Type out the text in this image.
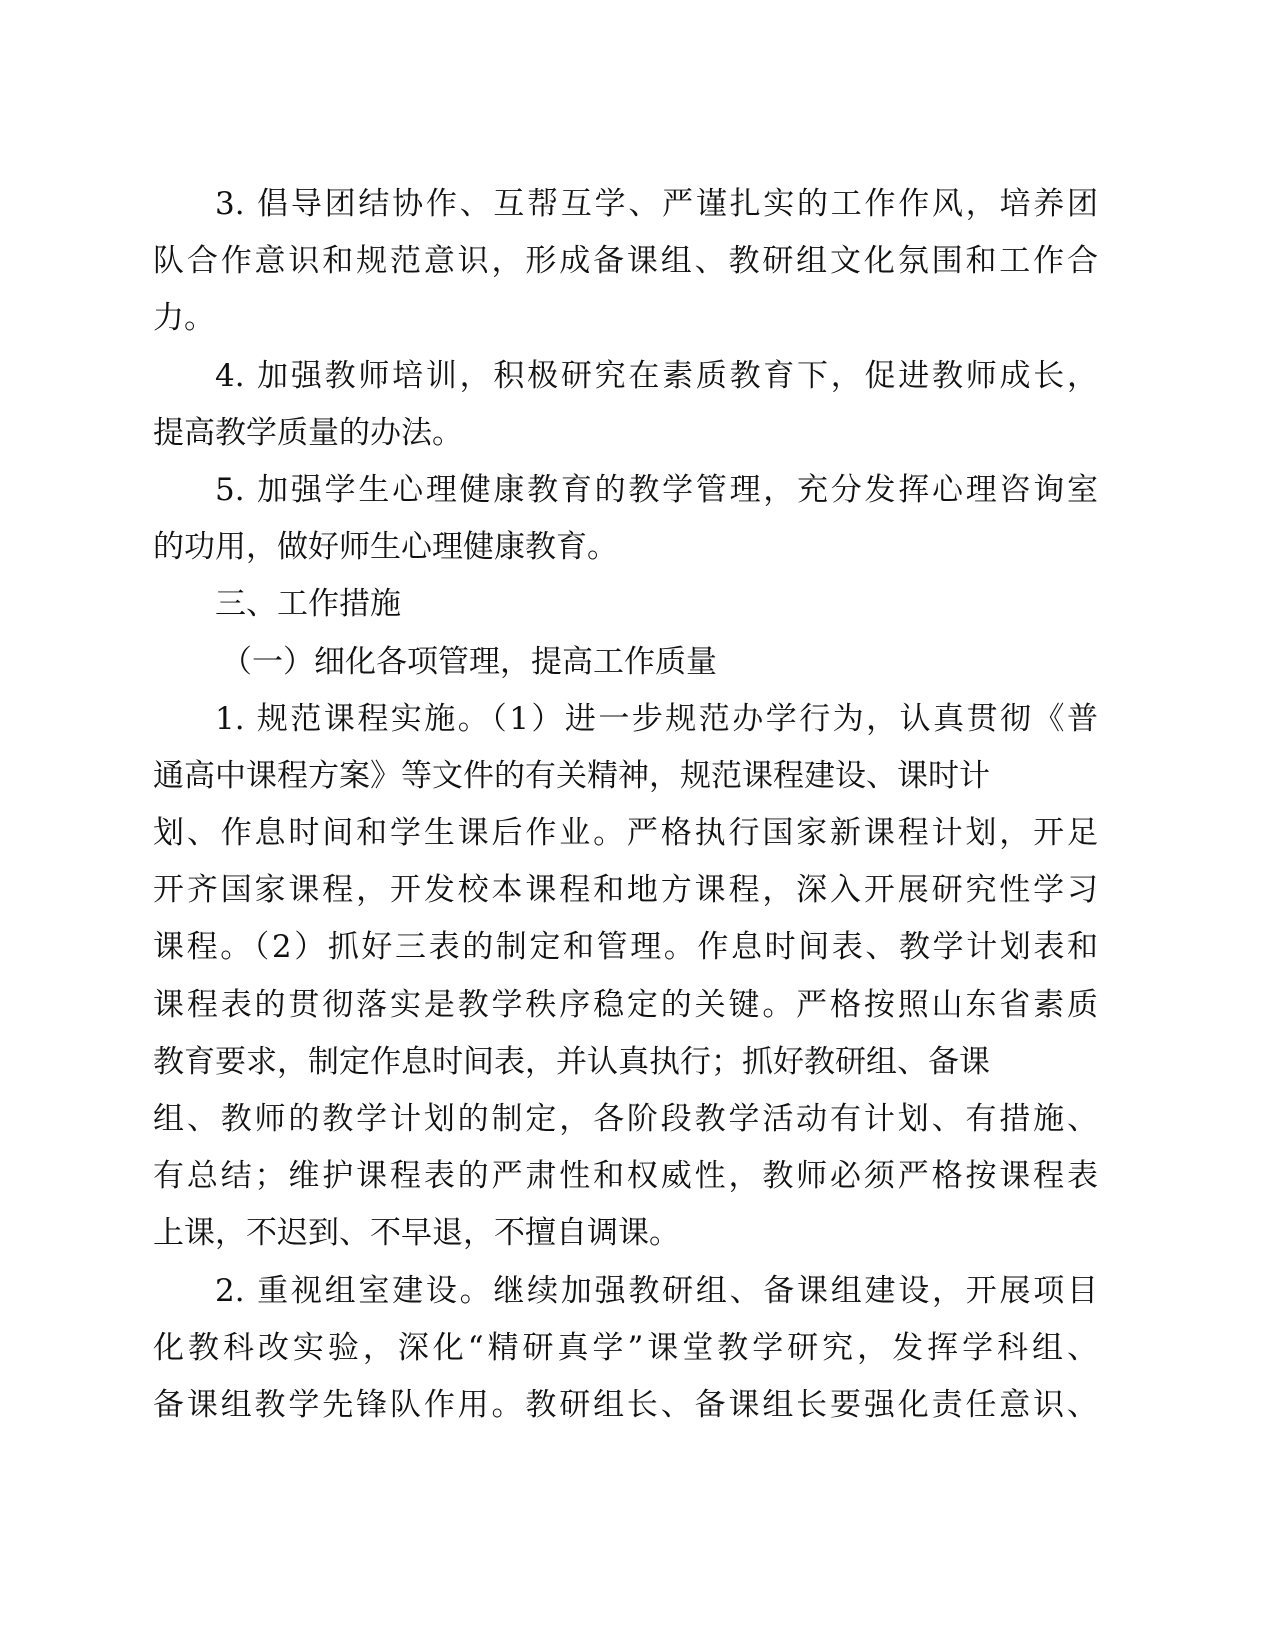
3. 倡导团结协作、互帮互学、严谨扎实的工作作风，培养团
队合作意识和规范意识，形成备课组、教研组文化氛围和工作合
力。
4. 加强教师培训，积极研究在素质教育下，促进教师成长，
提高教学质量的办法。
5. 加强学生心理健康教育的教学管理，充分发挥心理咨询室
的功用，做好师生心理健康教育。
三、工作措施
（一）细化各项管理，提高工作质量
1. 规范课程实施。（1）进一步规范办学行为，认真贯彻《普
通高中课程方案》等文件的有关精神，规范课程建设、课时计
划、作息时间和学生课后作业。严格执行国家新课程计划，开足
开齐国家课程，开发校本课程和地方课程，深入开展研究性学习
课程。（2）抓好三表的制定和管理。作息时间表、教学计划表和
课程表的贯彻落实是教学秩序稳定的关键。严格按照山东省素质
教育要求，制定作息时间表，并认真执行；抓好教研组、备课
组、教师的教学计划的制定，各阶段教学活动有计划、有措施、
有总结；维护课程表的严肃性和权威性，教师必须严格按课程表
上课，不迟到、不早退，不擅自调课。
2. 重视组室建设。继续加强教研组、备课组建设，开展项目
化教科改实验，深化“精研真学”课堂教学研究，发挥学科组、
备课组教学先锋队作用。教研组长、备课组长要强化责任意识、
